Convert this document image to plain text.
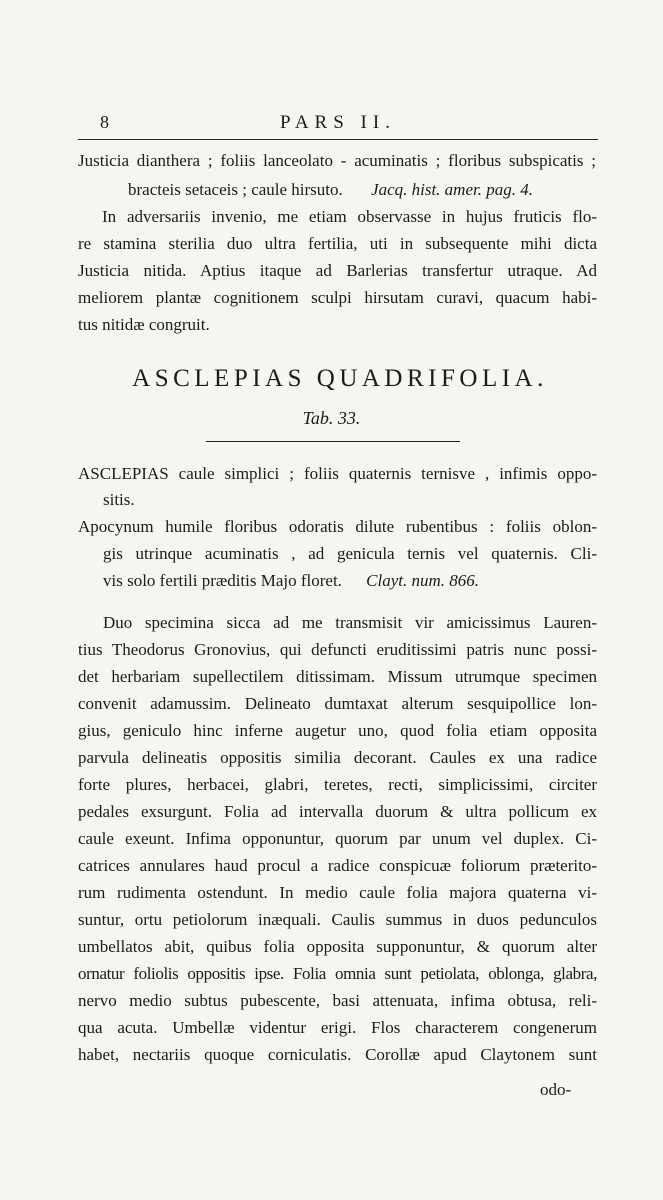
8	PARS II.
Justicia dianthera ; foliis lanceolato - acuminatis ; floribus subspicatis ;
bracteis setaceis ; caule hirsuto. Jacq. hist. amer. pag. 4.
In adversariis invenio, me etiam observasse in hujus fruticis flo-
re stamina sterilia duo ultra fertilia, uti in subsequente mihi dicta
Justicia nitida. Aptius itaque ad Barlerias transfertur utraque. Ad
meliorem plantæ cognitionem sculpi hirsutam curavi, quacum habi-
tus nitidæ congruit.
ASCLEPIAS QUADRIFOLIA.
Tab. 33.
ASCLEPIAS caule simplici ; foliis quaternis ternisve , infimis oppo-
sitis.
Apocynum humile floribus odoratis dilute rubentibus : foliis oblon-
gis utrinque acuminatis , ad genicula ternis vel quaternis. Cli-
vis solo fertili præditis Majo floret. Clayt. num. 866.
Duo specimina sicca ad me transmisit vir amicissimus Lauren-
tius Theodorus Gronovius, qui defuncti eruditissimi patris nunc possi-
det herbariam supellectilem ditissimam. Missum utrumque specimen
convenit adamussim. Delineato dumtaxat alterum sesquipollice lon-
gius, geniculo hinc inferne augetur uno, quod folia etiam opposita
parvula delineatis oppositis similia decorant. Caules ex una radice
forte plures, herbacei, glabri, teretes, recti, simplicissimi, circiter
pedales exsurgunt. Folia ad intervalla duorum & ultra pollicum ex
caule exeunt. Infima opponuntur, quorum par unum vel duplex. Ci-
catrices annulares haud procul a radice conspicuæ foliorum præterito-
rum rudimenta ostendunt. In medio caule folia majora quaterna vi-
suntur, ortu petiolorum inæquali. Caulis summus in duos pedunculos
umbellatos abit, quibus folia opposita supponuntur, & quorum alter
ornatur foliolis oppositis ipse. Folia omnia sunt petiolata, oblonga, glabra,
nervo medio subtus pubescente, basi attenuata, infima obtusa, reli-
qua acuta. Umbellæ videntur erigi. Flos characterem congenerum
habet, nectariis quoque corniculatis. Corollæ apud Claytonem sunt
odo-
